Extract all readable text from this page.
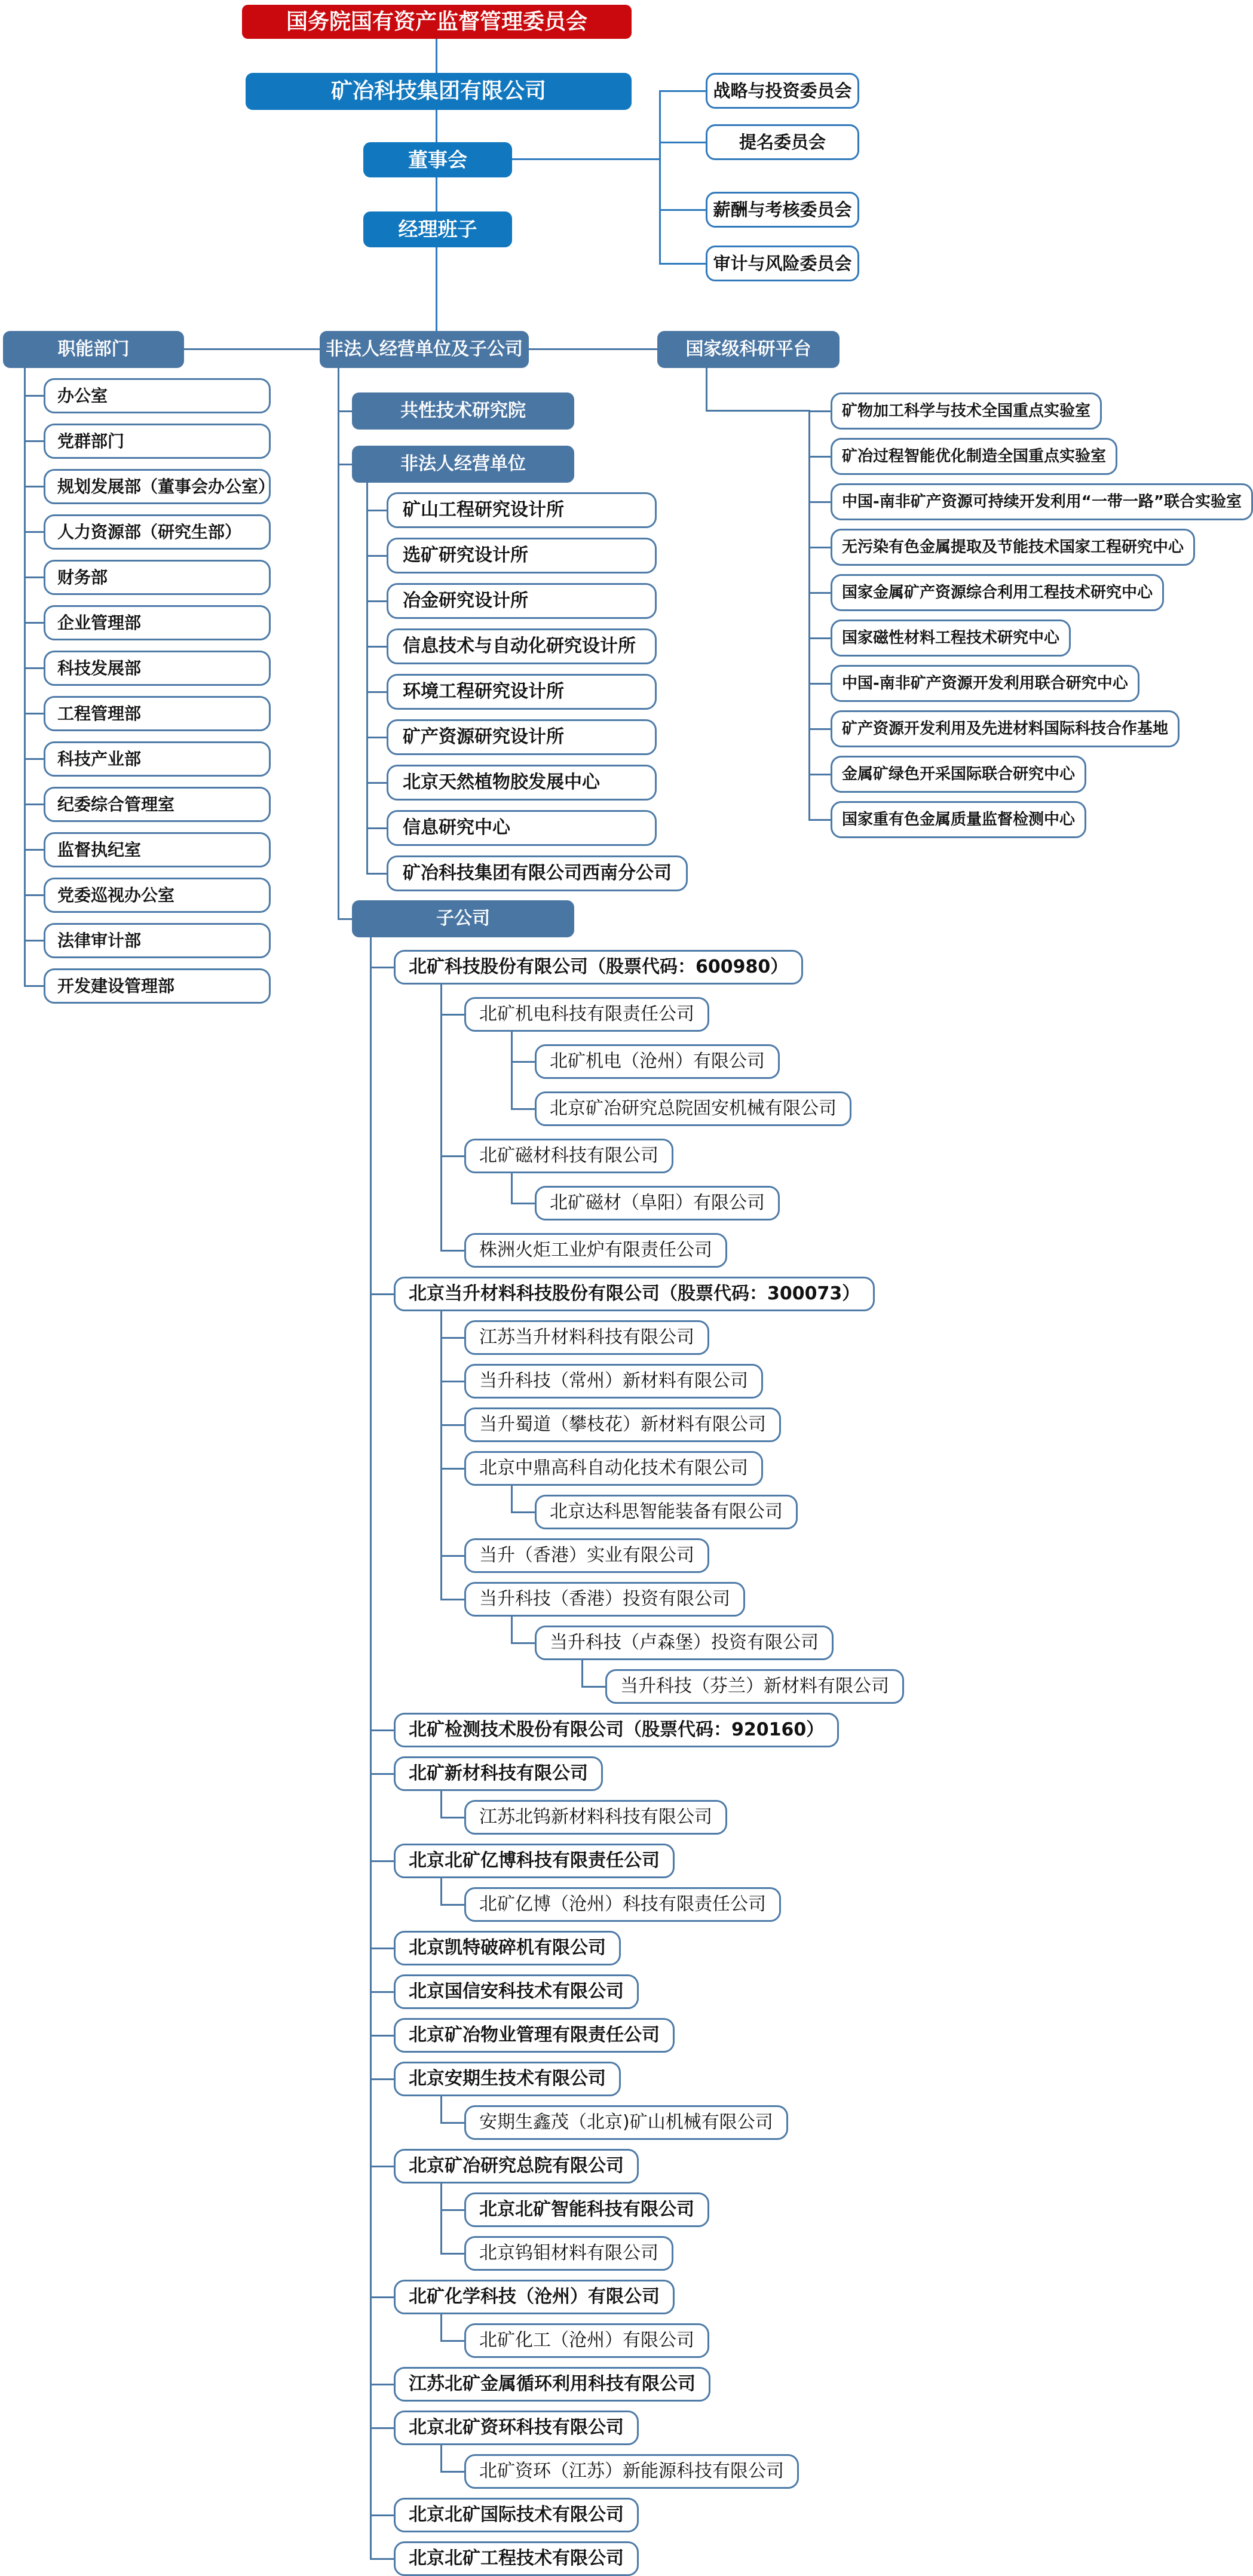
国务院国有资产监督管理委员会
矿冶科技集团有限公司
董事会
经理班子
战略与投资委员会
提名委员会
薪酬与考核委员会
审计与风险委员会
职能部门	非法人经营单位及子公司	国家级科研平台
办公室
党群部门
规划发展部（董事会办公室）
人力资源部（研究生部）
财务部
企业管理部
科技发展部
工程管理部
科技产业部
纪委综合管理室
监督执纪室
党委巡视办公室
法律审计部
开发建设管理部
矿物加工科学与技术全国重点实验室
矿冶过程智能优化制造全国重点实验室
中国-南非矿产资源可持续开发利用“一带一路”联合实验室
无污染有色金属提取及节能技术国家工程研究中心
国家金属矿产资源综合利用工程技术研究中心
国家磁性材料工程技术研究中心
中国-南非矿产资源开发利用联合研究中心
矿产资源开发利用及先进材料国际科技合作基地
金属矿绿色开采国际联合研究中心
国家重有色金属质量监督检测中心
共性技术研究院
非法人经营单位
矿山工程研究设计所
选矿研究设计所
冶金研究设计所
信息技术与自动化研究设计所
环境工程研究设计所
矿产资源研究设计所
北京天然植物胶发展中心
信息研究中心
矿冶科技集团有限公司西南分公司
子公司
北矿科技股份有限公司（股票代码：600980）
北矿机电科技有限责任公司
北矿机电（沧州）有限公司
北京矿冶研究总院固安机械有限公司
北矿磁材科技有限公司
北矿磁材（阜阳）有限公司
株洲火炬工业炉有限责任公司
北京当升材料科技股份有限公司（股票代码：300073）
江苏当升材料科技有限公司
当升科技（常州）新材料有限公司
当升蜀道（攀枝花）新材料有限公司
北京中鼎高科自动化技术有限公司
北京达科思智能装备有限公司
当升（香港）实业有限公司
当升科技（香港）投资有限公司
当升科技（卢森堡）投资有限公司
当升科技（芬兰）新材料有限公司
北矿检测技术股份有限公司（股票代码：920160）
北矿新材科技有限公司
江苏北钨新材料科技有限公司
北京北矿亿博科技有限责任公司
北矿亿博（沧州）科技有限责任公司
北京凯特破碎机有限公司
北京国信安科技术有限公司
北京矿冶物业管理有限责任公司
北京安期生技术有限公司
安期生鑫茂（北京)矿山机械有限公司
北京矿冶研究总院有限公司
北京北矿智能科技有限公司
北京钨钼材料有限公司
北矿化学科技（沧州）有限公司
北矿化工（沧州）有限公司
江苏北矿金属循环利用科技有限公司
北京北矿资环科技有限公司
北矿资环（江苏）新能源科技有限公司
北京北矿国际技术有限公司
北京北矿工程技术有限公司
